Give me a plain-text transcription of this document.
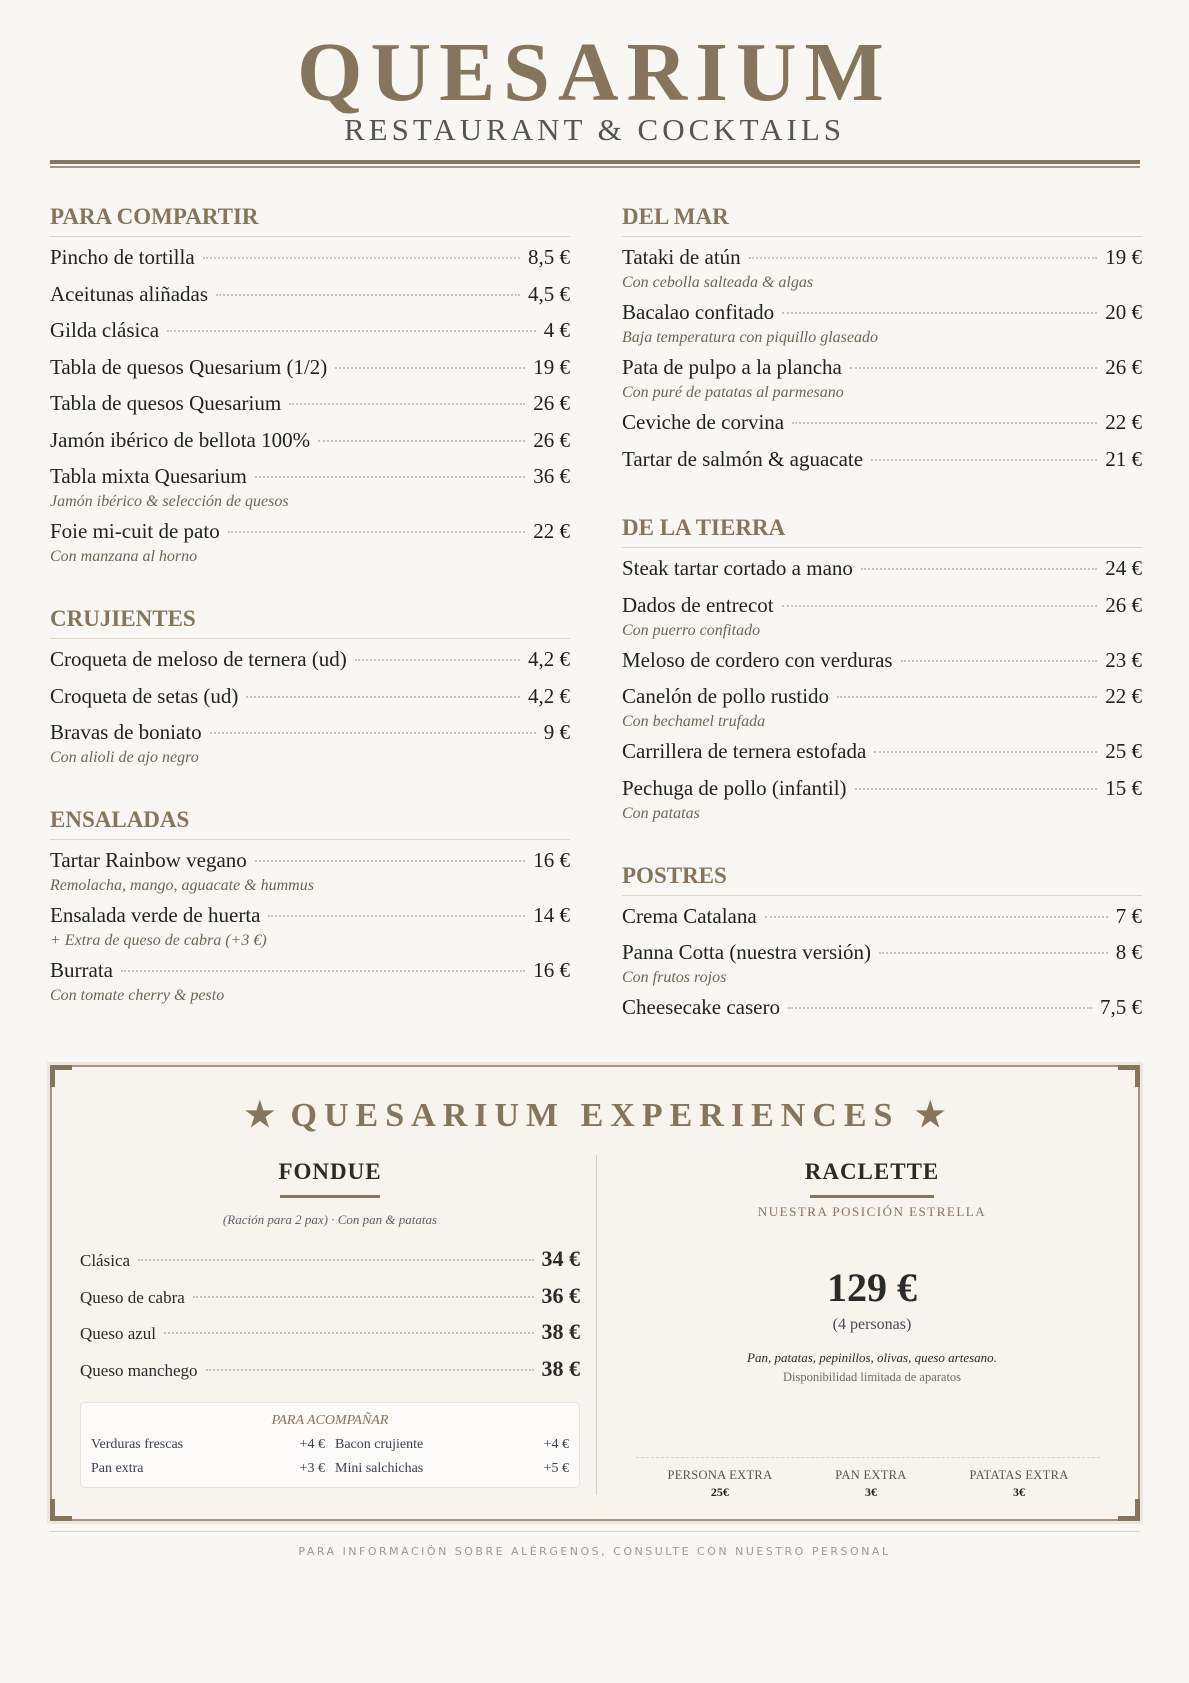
QUESARIUM
RESTAURANT & COCKTAILS
PARA COMPARTIR
Pincho de tortilla	8,5 €
Aceitunas aliñadas	4,5 €
Gilda clásica	4 €
Tabla de quesos Quesarium (1/2)	19 €
Tabla de quesos Quesarium	26 €
Jamón ibérico de bellota 100%	26 €
Tabla mixta Quesarium	36 €
Jamón ibérico & selección de quesos
Foie mi-cuit de pato	22 €
Con manzana al horno
CRUJIENTES
Croqueta de meloso de ternera (ud)	4,2 €
Croqueta de setas (ud)	4,2 €
Bravas de boniato	9 €
Con alioli de ajo negro
ENSALADAS
Tartar Rainbow vegano	16 €
Remolacha, mango, aguacate & hummus
Ensalada verde de huerta	14 €
+ Extra de queso de cabra (+3 €)
Burrata	16 €
Con tomate cherry & pesto
DEL MAR
Tataki de atún	19 €
Con cebolla salteada & algas
Bacalao confitado	20 €
Baja temperatura con piquillo glaseado
Pata de pulpo a la plancha	26 €
Con puré de patatas al parmesano
Ceviche de corvina	22 €
Tartar de salmón & aguacate	21 €
DE LA TIERRA
Steak tartar cortado a mano	24 €
Dados de entrecot	26 €
Con puerro confitado
Meloso de cordero con verduras	23 €
Canelón de pollo rustido	22 €
Con bechamel trufada
Carrillera de ternera estofada	25 €
Pechuga de pollo (infantil)	15 €
Con patatas
POSTRES
Crema Catalana	7 €
Panna Cotta (nuestra versión)	8 €
Con frutos rojos
Cheesecake casero	7,5 €
★ QUESARIUM EXPERIENCES ★
FONDUE
(Ración para 2 pax) · Con pan & patatas
Clásica	34 €
Queso de cabra	36 €
Queso azul	38 €
Queso manchego	38 €
PARA ACOMPAÑAR
Verduras frescas	+4 € Bacon crujiente	+4 €
Pan extra	+3 € Mini salchichas	+5 €
RACLETTE
NUESTRA POSICIÓN ESTRELLA
129 €
(4 personas)
Pan, patatas, pepinillos, olivas, queso artesano.
Disponibilidad limitada de aparatos
PERSONA EXTRA
25€
PAN EXTRA
3€
PATATAS EXTRA
3€
PARA INFORMACIÓN SOBRE ALÉRGENOS, CONSULTE CON NUESTRO PERSONAL
